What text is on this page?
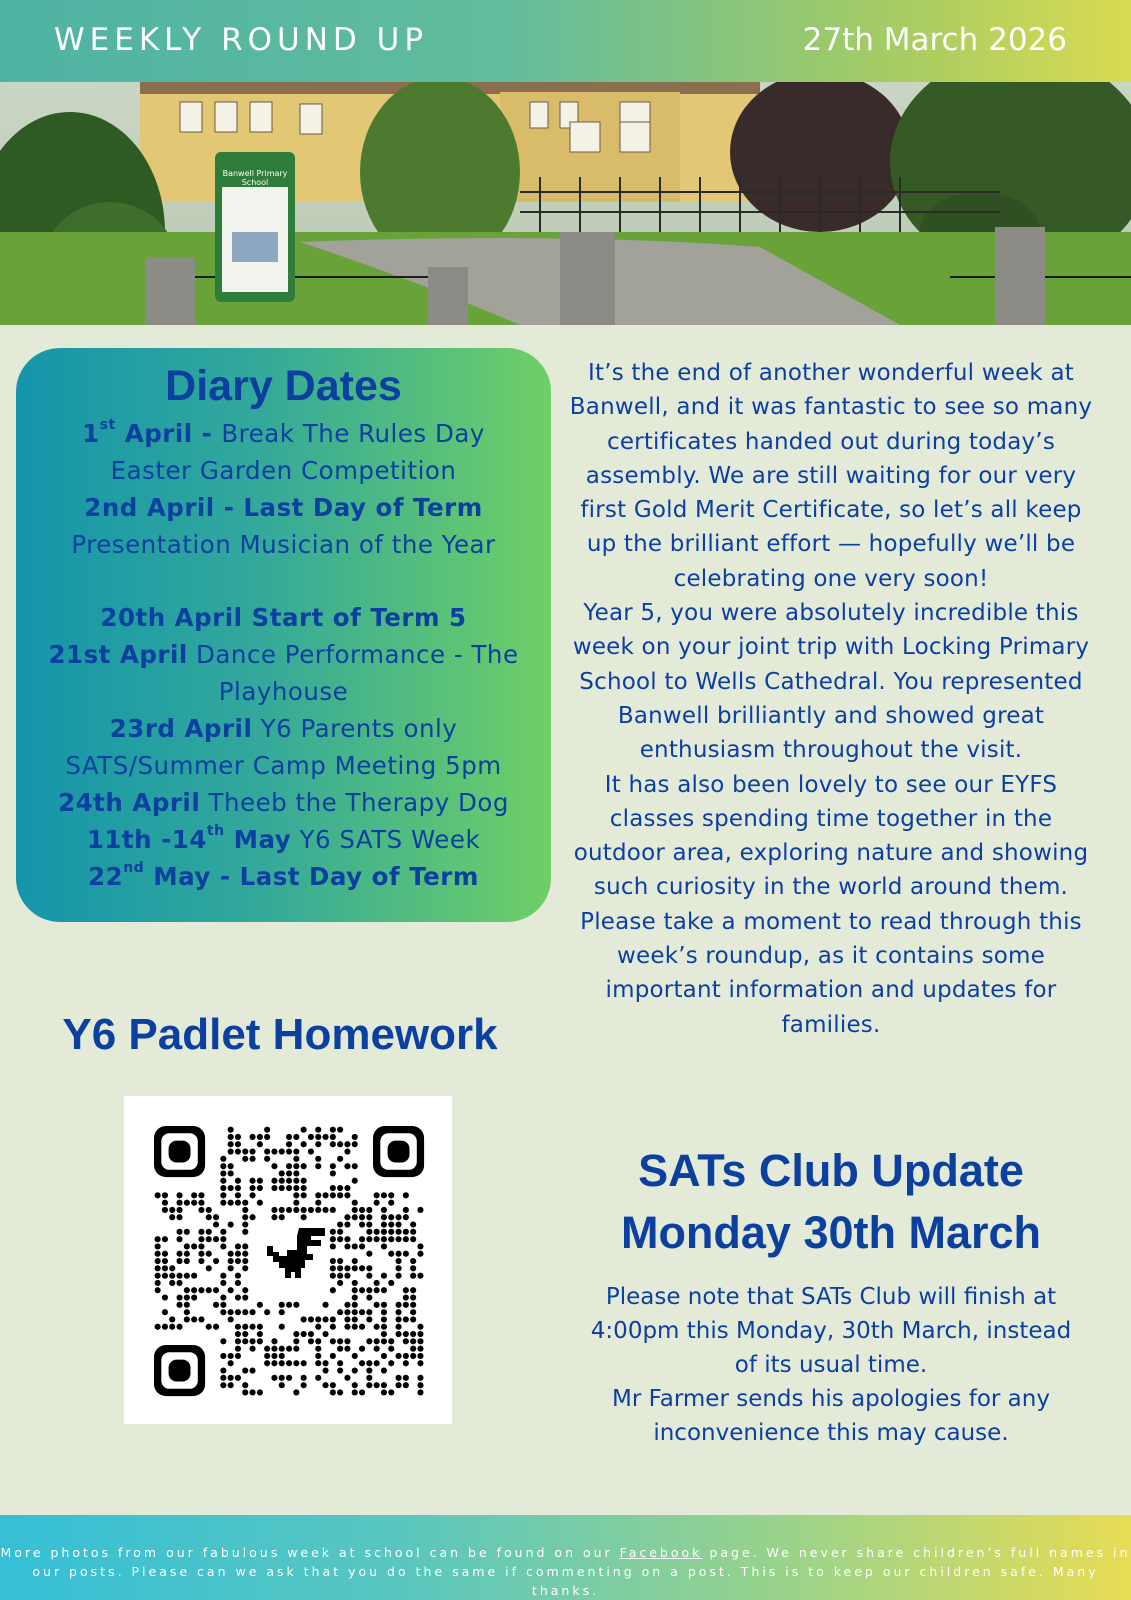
WEEKLY ROUND UP	27th March 2026
Banwell Primary
School
Diary Dates
1st April - Break The Rules Day
Easter Garden Competition
2nd April - Last Day of Term
Presentation Musician of the Year
20th April Start of Term 5
21st April Dance Performance - The Playhouse
23rd April Y6 Parents only SATS/Summer Camp Meeting 5pm
24th April Theeb the Therapy Dog
11th -14th May Y6 SATS Week
22nd May - Last Day of Term
It’s the end of another wonderful week at Banwell, and it was fantastic to see so many certificates handed out during today’s assembly. We are still waiting for our very first Gold Merit Certificate, so let’s all keep up the brilliant effort — hopefully we’ll be celebrating one very soon!
Year 5, you were absolutely incredible this week on your joint trip with Locking Primary School to Wells Cathedral. You represented Banwell brilliantly and showed great enthusiasm throughout the visit.
It has also been lovely to see our EYFS classes spending time together in the outdoor area, exploring nature and showing such curiosity in the world around them.
Please take a moment to read through this week’s roundup, as it contains some important information and updates for families.
Y6 Padlet Homework
SATs Club Update
Monday 30th March
Please note that SATs Club will finish at 4:00pm this Monday, 30th March, instead of its usual time.
Mr Farmer sends his apologies for any inconvenience this may cause.
More photos from our fabulous week at school can be found on our Facebook page. We never share children’s full names in our posts. Please can we ask that you do the same if commenting on a post. This is to keep our children safe. Many thanks.
